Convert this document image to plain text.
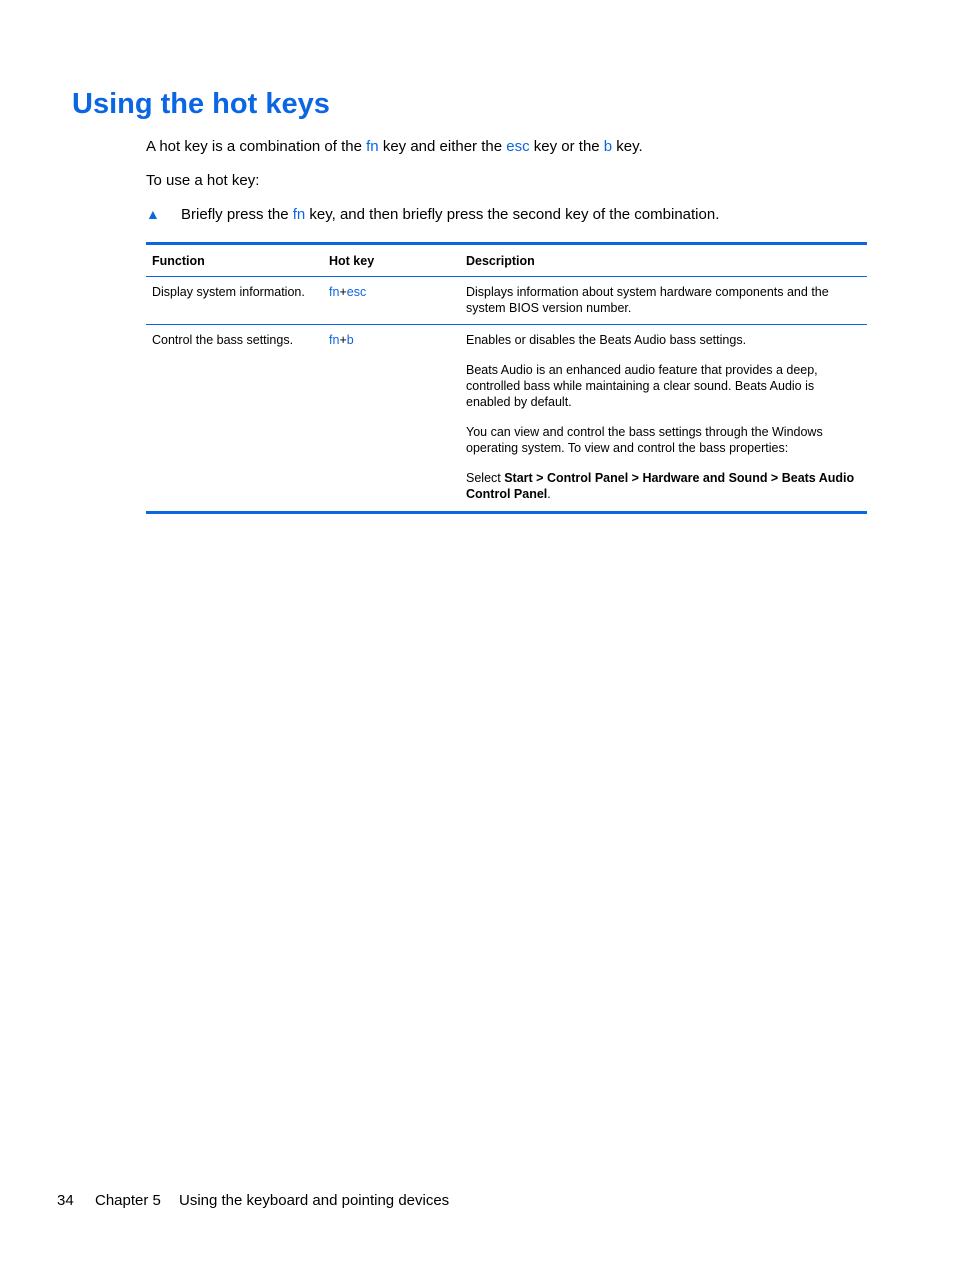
Using the hot keys

A hot key is a combination of the fn key and either the esc key or the b key.

To use a hot key:

▲ Briefly press the fn key, and then briefly press the second key of the combination.
Function	Hot key	Description
Display system information.	fn+esc	Displays information about system hardware components and the system BIOS version number.
Control the bass settings.	fn+b	Enables or disables the Beats Audio bass settings.

Beats Audio is an enhanced audio feature that provides a deep, controlled bass while maintaining a clear sound. Beats Audio is enabled by default.

You can view and control the bass settings through the Windows operating system. To view and control the bass properties:

Select Start > Control Panel > Hardware and Sound > Beats Audio Control Panel.

34 Chapter 5 Using the keyboard and pointing devices
